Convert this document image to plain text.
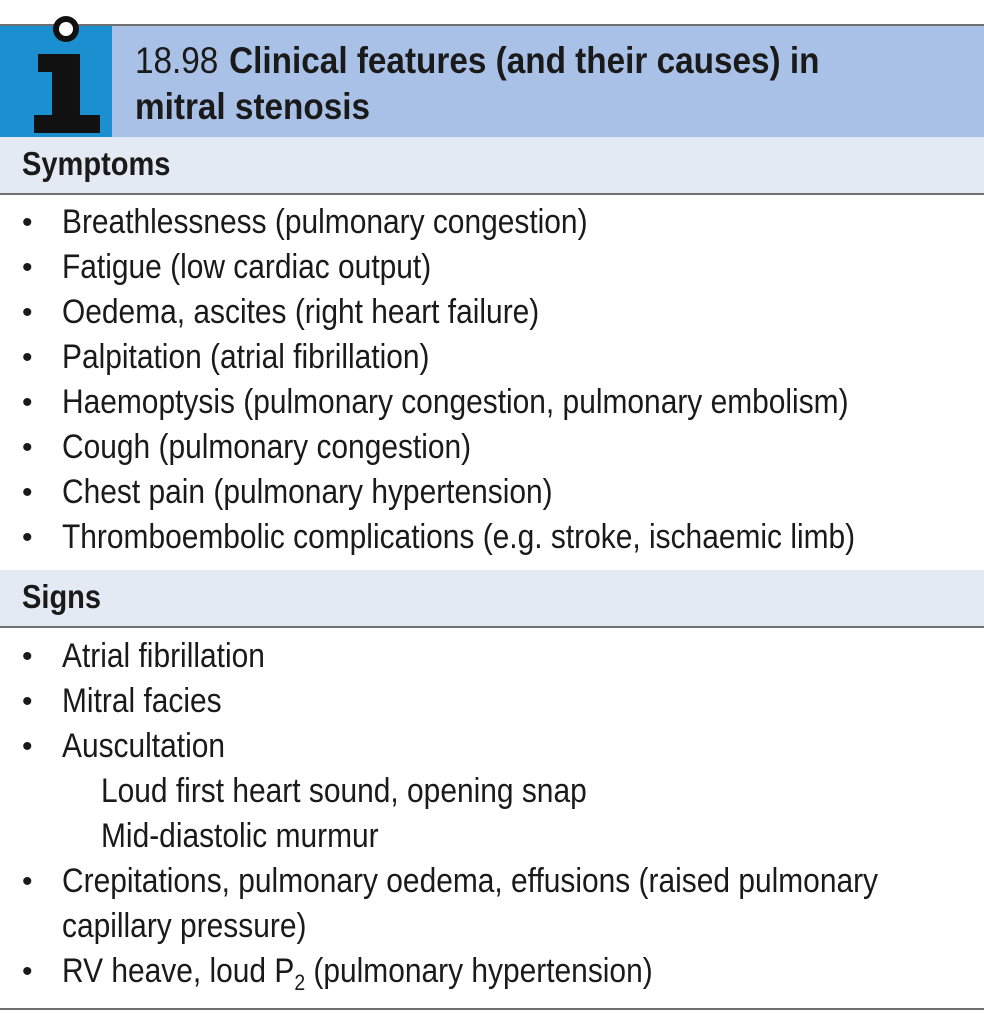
18.98 Clinical features (and their causes) in
mitral stenosis
Symptoms
• Breathlessness (pulmonary congestion)
• Fatigue (low cardiac output)
• Oedema, ascites (right heart failure)
• Palpitation (atrial fibrillation)
• Haemoptysis (pulmonary congestion, pulmonary embolism)
• Cough (pulmonary congestion)
• Chest pain (pulmonary hypertension)
• Thromboembolic complications (e.g. stroke, ischaemic limb)
Signs
• Atrial fibrillation
• Mitral facies
• Auscultation
Loud first heart sound, opening snap
Mid-diastolic murmur
• Crepitations, pulmonary oedema, effusions (raised pulmonary
capillary pressure)
• RV heave, loud $P_2$ (pulmonary hypertension)
